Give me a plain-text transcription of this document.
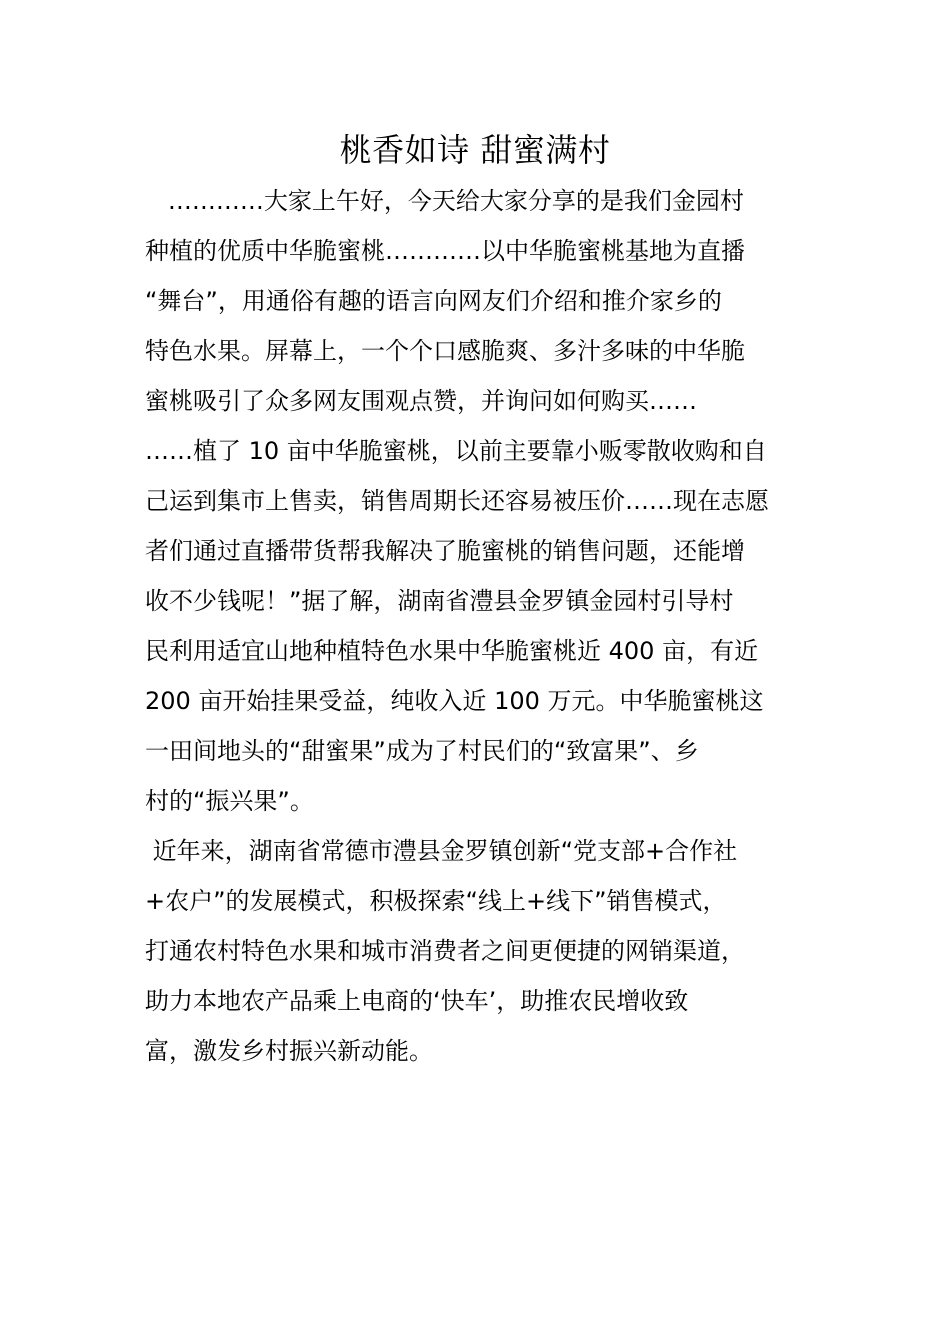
桃香如诗 甜蜜满村
…………大家上午好，今天给大家分享的是我们金园村
种植的优质中华脆蜜桃…………以中华脆蜜桃基地为直播
“舞台”，用通俗有趣的语言向网友们介绍和推介家乡的
特色水果。屏幕上，一个个口感脆爽、多汁多味的中华脆
蜜桃吸引了众多网友围观点赞，并询问如何购买……
……植了 10 亩中华脆蜜桃，以前主要靠小贩零散收购和自
己运到集市上售卖，销售周期长还容易被压价……现在志愿
者们通过直播带货帮我解决了脆蜜桃的销售问题，还能增
收不少钱呢！”据了解，湖南省澧县金罗镇金园村引导村
民利用适宜山地种植特色水果中华脆蜜桃近 400 亩，有近
200 亩开始挂果受益，纯收入近 100 万元。中华脆蜜桃这
一田间地头的“甜蜜果”成为了村民们的“致富果”、乡
村的“振兴果”。
近年来，湖南省常德市澧县金罗镇创新“党支部+合作社
+农户”的发展模式，积极探索“线上+线下”销售模式，
打通农村特色水果和城市消费者之间更便捷的网销渠道，
助力本地农产品乘上电商的‘快车’，助推农民增收致
富，激发乡村振兴新动能。
